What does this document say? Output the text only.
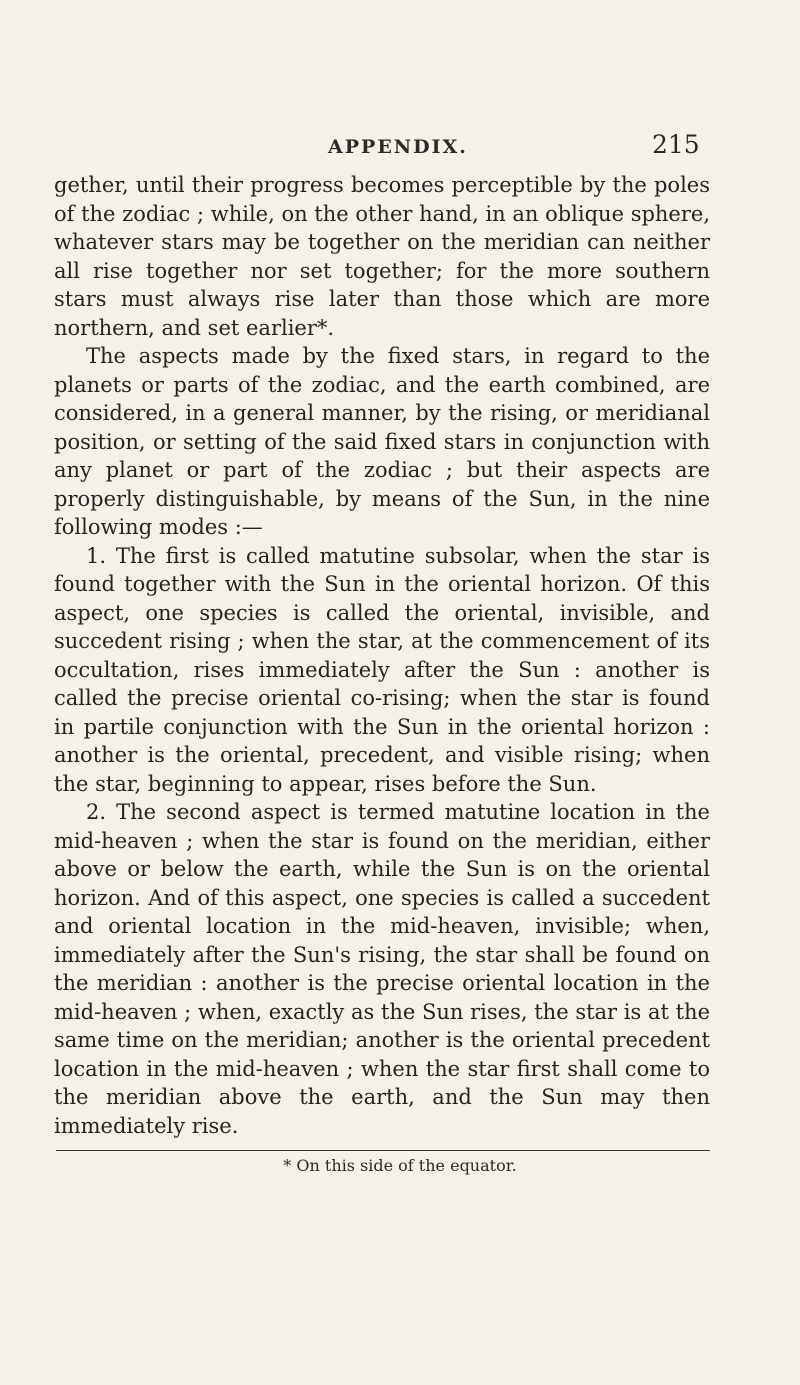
APPENDIX.	215

gether, until their progress becomes perceptible by the poles of the zodiac ; while, on the other hand, in an oblique sphere, whatever stars may be together on the meridian can neither all rise together nor set together; for the more southern stars must always rise later than those which are more northern, and set earlier*.

The aspects made by the fixed stars, in regard to the planets or parts of the zodiac, and the earth combined, are considered, in a general manner, by the rising, or meridianal position, or setting of the said fixed stars in conjunction with any planet or part of the zodiac ; but their aspects are properly distinguishable, by means of the Sun, in the nine following modes :—

1. The first is called matutine subsolar, when the star is found together with the Sun in the oriental horizon. Of this aspect, one species is called the oriental, invisible, and succedent rising ; when the star, at the commencement of its occultation, rises immediately after the Sun : another is called the precise oriental co-rising; when the star is found in partile conjunction with the Sun in the oriental horizon : another is the oriental, precedent, and visible rising; when the star, beginning to appear, rises before the Sun.

2. The second aspect is termed matutine location in the mid-heaven ; when the star is found on the meridian, either above or below the earth, while the Sun is on the oriental horizon. And of this aspect, one species is called a succedent and oriental location in the mid-heaven, invisible; when, immediately after the Sun's rising, the star shall be found on the meridian : another is the precise oriental location in the mid-heaven ; when, exactly as the Sun rises, the star is at the same time on the meridian; another is the oriental precedent location in the mid-heaven ; when the star first shall come to the meridian above the earth, and the Sun may then immediately rise.

* On this side of the equator.
